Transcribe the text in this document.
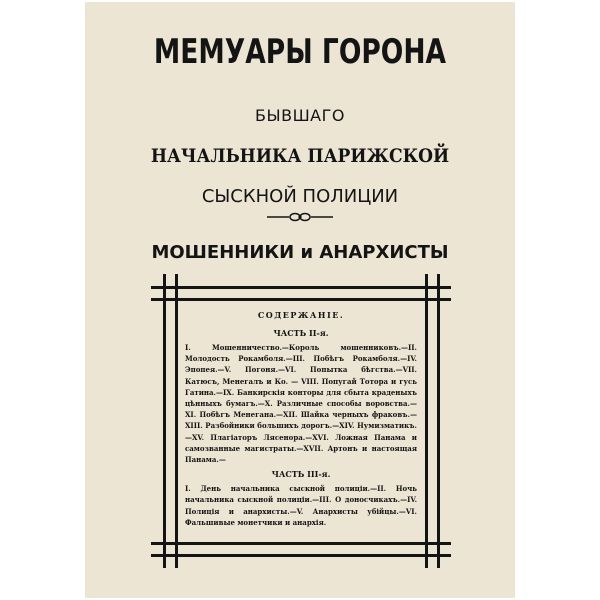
МЕМУАРЫ ГОРОНА
БЫВШАГО
НАЧАЛЬНИКА ПАРИЖСКОЙ
СЫСКНОЙ ПОЛИЦИИ
МОШЕННИКИ и АНАРХИСТЫ
СОДЕРЖАНІЕ.
ЧАСТЬ II-я.
I. Мошенничество.—Король мошенниковъ.—II. Молодость Рокамболя.—III. Побѣгъ Рокамболя.—IV. Эпопея.—V. Погоня.—VI. Попытка бѣгства.—VII. Катюсъ, Менегалъ и Ко. — VIII. Попугай Тотора и гусь Гатина.—IX. Банкирскія конторы для сбыта краденыхъ цѣнныхъ бумагъ.—X. Различные способы воровства.—XI. Побѣгъ Менегана.—XII. Шайка черныхъ фраковъ.—XIII. Разбойники большихъ дорогъ.—XIV. Нумизматикъ.—XV. Плагіаторъ Лясенора.—XVI. Ложная Панама и самозванные магистраты.—XVII. Артонъ и настоящая Панама.—
ЧАСТЬ III-я.
I. День начальника сыскной полиціи.—II. Ночь начальника сыскной полиціи.—III. О доносчикахъ.—IV. Полиція и анархисты.—V. Анархисты убійцы.—VI. Фальшивые монетчики и анархія.
